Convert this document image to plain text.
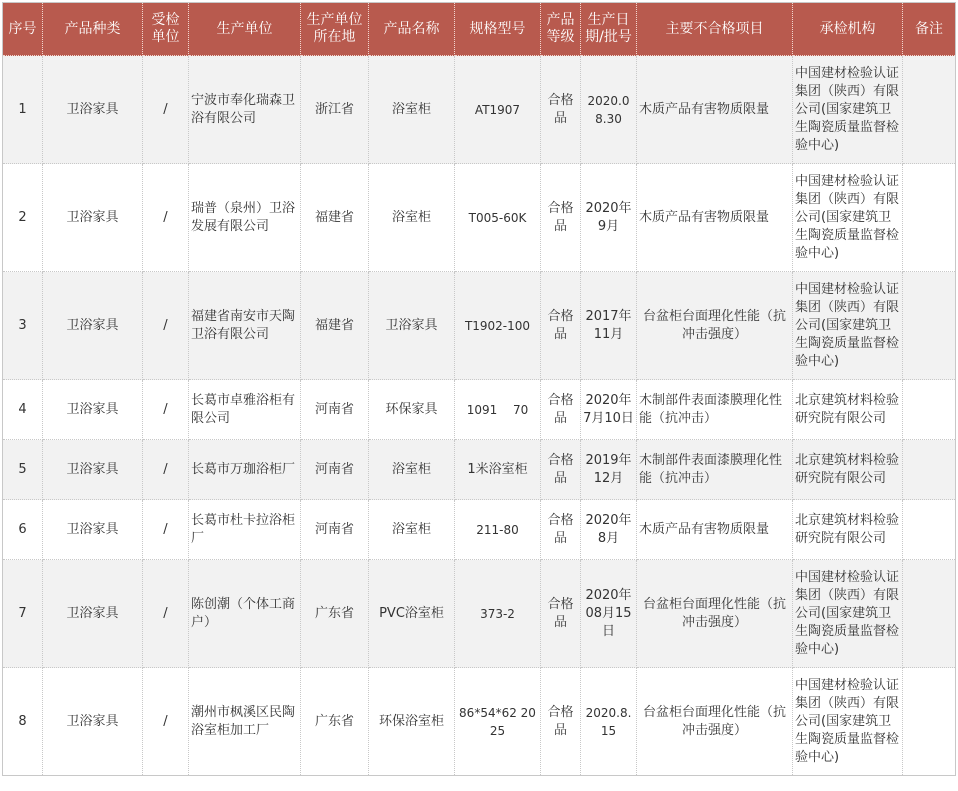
序号	产品种类	受检单位	生产单位	生产单位所在地	产品名称	规格型号	产品等级	生产日期/批号	主要不合格项目	承检机构	备注
1	卫浴家具	/	宁波市奉化瑞森卫浴有限公司	浙江省	浴室柜	AT1907	合格品	2020.08.30	木质产品有害物质限量	中国建材检验认证集团（陕西）有限公司(国家建筑卫生陶瓷质量监督检验中心)	
2	卫浴家具	/	瑞普（泉州）卫浴发展有限公司	福建省	浴室柜	T005-60K	合格品	2020年9月	木质产品有害物质限量	中国建材检验认证集团（陕西）有限公司(国家建筑卫生陶瓷质量监督检验中心)	
3	卫浴家具	/	福建省南安市天陶卫浴有限公司	福建省	卫浴家具	T1902-100	合格品	2017年11月	台盆柜台面理化性能（抗冲击强度）	中国建材检验认证集团（陕西）有限公司(国家建筑卫生陶瓷质量监督检验中心)	
4	卫浴家具	/	长葛市卓雅浴柜有限公司	河南省	环保家具	1091　 70	合格品	2020年7月10日	木制部件表面漆膜理化性能（抗冲击）	北京建筑材料检验研究院有限公司	
5	卫浴家具	/	长葛市万珈浴柜厂	河南省	浴室柜	1米浴室柜	合格品	2019年12月	木制部件表面漆膜理化性能（抗冲击）	北京建筑材料检验研究院有限公司	
6	卫浴家具	/	长葛市杜卡拉浴柜厂	河南省	浴室柜	211-80	合格品	2020年8月	木质产品有害物质限量	北京建筑材料检验研究院有限公司	
7	卫浴家具	/	陈创潮（个体工商户）	广东省	PVC浴室柜	373-2	合格品	2020年08月15日	台盆柜台面理化性能（抗冲击强度）	中国建材检验认证集团（陕西）有限公司(国家建筑卫生陶瓷质量监督检验中心)	
8	卫浴家具	/	潮州市枫溪区民陶浴室柜加工厂	广东省	环保浴室柜	86*54*62 2025	合格品	2020.8.15	台盆柜台面理化性能（抗冲击强度）	中国建材检验认证集团（陕西）有限公司(国家建筑卫生陶瓷质量监督检验中心)	
